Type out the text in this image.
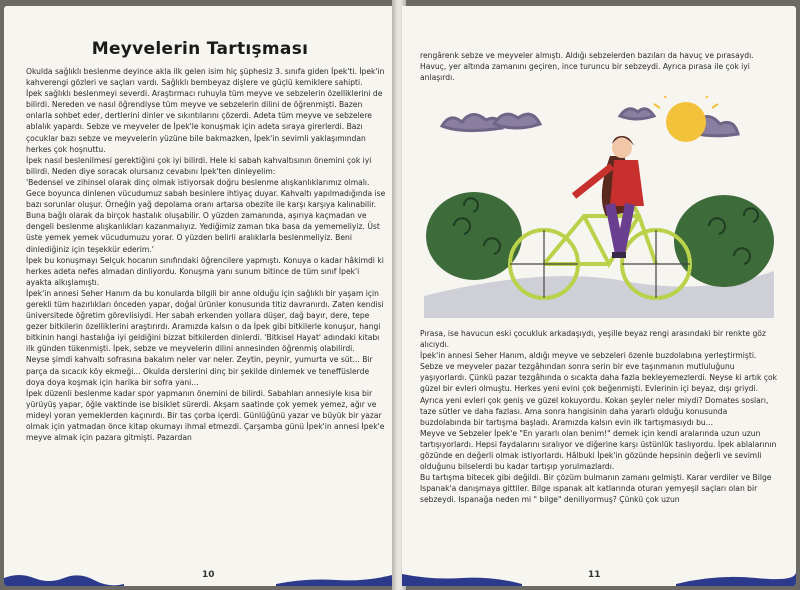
Meyvelerin Tartışması

Okulda sağlıklı beslenme deyince akla ilk gelen isim hiç şüphesiz 3. sınıfa giden İpek'ti. İpek'in kahverengi gözleri ve saçları vardı. Sağlıklı bembeyaz dişlere ve güçlü kemiklere sahipti.

İpek sağlıklı beslenmeyi severdi. Araştırmacı ruhuyla tüm meyve ve sebzelerin özelliklerini de bilirdi. Nereden ve nasıl öğrendiyse tüm meyve ve sebzelerin dilini de öğrenmişti. Bazen onlarla sohbet eder, dertlerini dinler ve sıkıntılarını çözerdi. Adeta tüm meyve ve sebzelere ablalık yapardı. Sebze ve meyveler de İpek'le konuşmak için adeta sıraya girerlerdi. Bazı çocuklar bazı sebze ve meyvelerin yüzüne bile bakmazken, İpek'in sevimli yaklaşımından herkes çok hoşnuttu.

İpek nasıl beslenilmesi gerektiğini çok iyi bilirdi. Hele ki sabah kahvaltısının önemini çok iyi bilirdi. Neden diye soracak olursanız cevabını İpek'ten dinleyelim:

'Bedensel ve zihinsel olarak dinç olmak istiyorsak doğru beslenme alışkanlıklarımız olmalı. Gece boyunca dinlenen vücudumuz sabah besinlere ihtiyaç duyar. Kahvaltı yapılmadığında ise bazı sorunlar oluşur. Örneğin yağ depolama oranı artarsa obezite ile karşı karşıya kalınabilir. Buna bağlı olarak da birçok hastalık oluşabilir. O yüzden zamanında, aşırıya kaçmadan ve dengeli beslenme alışkanlıkları kazanmalıyız. Yediğimiz zaman tıka basa da yememeliyiz. Üst üste yemek yemek vücudumuzu yorar. O yüzden belirli aralıklarla beslenmeliyiz. Beni dinlediğiniz için teşekkür ederim.'

İpek bu konuşmayı Selçuk hocanın sınıfındaki öğrencilere yapmıştı. Konuya o kadar hâkimdi ki herkes adeta nefes almadan dinliyordu. Konuşma yanı sunum bitince de tüm sınıf İpek'i ayakta alkışlamıştı.

İpek'in annesi Seher Hanım da bu konularda bilgili bir anne olduğu için sağlıklı bir yaşam için gerekli tüm hazırlıkları önceden yapar, doğal ürünler konusunda titiz davranırdı. Zaten kendisi üniversitede öğretim görevlisiydi. Her sabah erkenden yollara düşer, dağ bayır, dere, tepe gezer bitkilerin özelliklerini araştırırdı. Aramızda kalsın o da İpek gibi bitkilerle konuşur, hangi bitkinin hangi hastalığa iyi geldiğini bizzat bitkilerden dinlerdi. 'Bitkisel Hayat' adındaki kitabı ilk günden tükenmişti. İpek, sebze ve meyvelerin dilini annesinden öğrenmiş olabilirdi.

Neyse şimdi kahvaltı sofrasına bakalım neler var neler. Zeytin, peynir, yumurta ve süt... Bir parça da sıcacık köy ekmeği... Okulda derslerini dinç bir şekilde dinlemek ve teneffüslerde doya doya koşmak için harika bir sofra yani...

İpek düzenli beslenme kadar spor yapmanın önemini de bilirdi. Sabahları annesiyle kısa bir yürüyüş yapar, öğle vaktinde ise bisiklet sürerdi. Akşam saatinde çok yemek yemez, ağır ve mideyi yoran yemeklerden kaçınırdı. Bir tas çorba içerdi. Günlüğünü yazar ve büyük bir yazar olmak için yatmadan önce kitap okumayı ihmal etmezdi. Çarşamba günü İpek'in annesi İpek'e meyve almak için pazara gitmişti. Pazardan

10

rengârenk sebze ve meyveler almıştı. Aldığı sebzelerden bazıları da havuç ve pırasaydı. Havuç, yer altında zamanını geçiren, ince turuncu bir sebzeydi. Ayrıca pırasa ile çok iyi anlaşırdı.

Pırasa, ise havucun eski çocukluk arkadaşıydı, yeşille beyaz rengi arasındaki bir renkte göz alıcıydı.

İpek'in annesi Seher Hanım, aldığı meyve ve sebzeleri özenle buzdolabına yerleştirmişti. Sebze ve meyveler pazar tezgâhından sonra serin bir eve taşınmanın mutluluğunu yaşıyorlardı. Çünkü pazar tezgâhında o sıcakta daha fazla bekleyemezlerdi. Neyse ki artık çok güzel bir evleri olmuştu. Herkes yeni evini çok beğenmişti. Evlerinin içi beyaz, dışı griydi. Ayrıca yeni evleri çok geniş ve güzel kokuyordu. Kokan şeyler neler miydi? Domates sosları, taze sütler ve daha fazlası. Ama sonra hangisinin daha yararlı olduğu konusunda buzdolabında bir tartışma başladı. Aramızda kalsın evin ilk tartışmasıydı bu...

Meyve ve Sebzeler İpek'e "En yararlı olan benim!" demek için kendi aralarında uzun uzun tartışıyorlardı. Hepsi faydalarını sıralıyor ve diğerine karşı üstünlük taslıyordu. İpek ablalarının gözünde en değerli olmak istiyorlardı. Hâlbuki İpek'in gözünde hepsinin değerli ve sevimli olduğunu bilselerdi bu kadar tartışıp yorulmazlardı.

Bu tartışma bitecek gibi değildi. Bir çözüm bulmanın zamanı gelmişti. Karar verdiler ve Bilge Ispanak'a danışmaya gittiler. Bilge ıspanak alt katlarında oturan yemyeşil saçları olan bir sebzeydi. Ispanağa neden mi " bilge" deniliyormuş? Çünkü çok uzun

11
